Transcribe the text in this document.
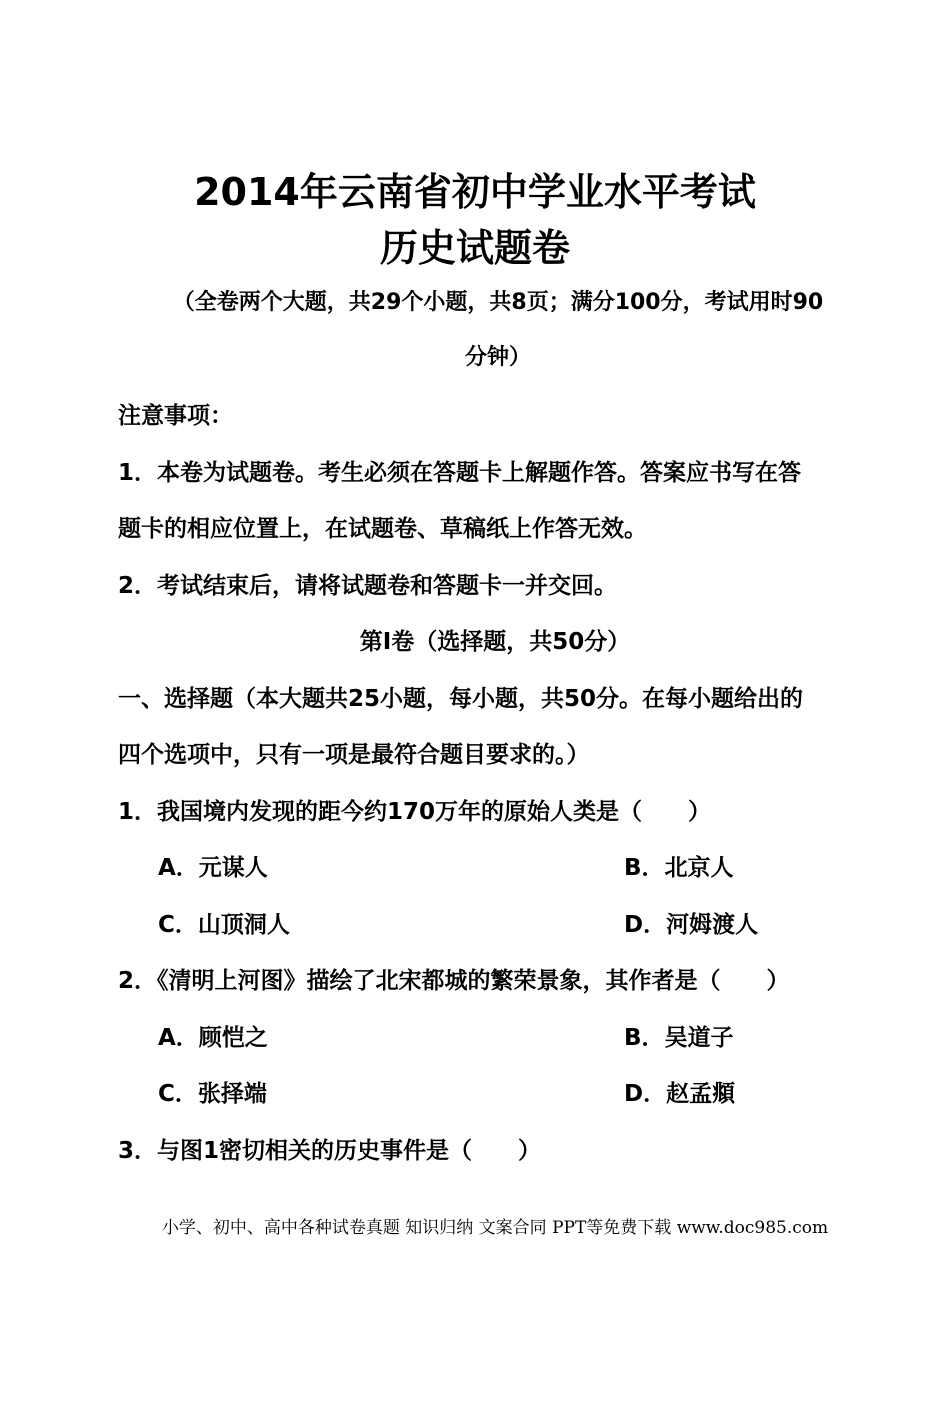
2014年云南省初中学业水平考试
历史试题卷
（全卷两个大题，共29个小题，共8页；满分100分，考试用时90
分钟）
注意事项：
1．本卷为试题卷。考生必须在答题卡上解题作答。答案应书写在答
题卡的相应位置上，在试题卷、草稿纸上作答无效。
2．考试结束后，请将试题卷和答题卡一并交回。
第Ⅰ卷（选择题，共50分）
一、选择题（本大题共25小题，每小题，共50分。在每小题给出的
四个选项中，只有一项是最符合题目要求的。）
1．我国境内发现的距今约170万年的原始人类是（　　）
A．元谋人	B．北京人
C．山顶洞人	D．河姆渡人
2．《清明上河图》描绘了北宋都城的繁荣景象，其作者是（　　）
A．顾恺之	B．吴道子
C．张择端	D．赵孟頫
3．与图1密切相关的历史事件是（　　）
小学、初中、高中各种试卷真题 知识归纳 文案合同 PPT等免费下载 www.doc985.com
